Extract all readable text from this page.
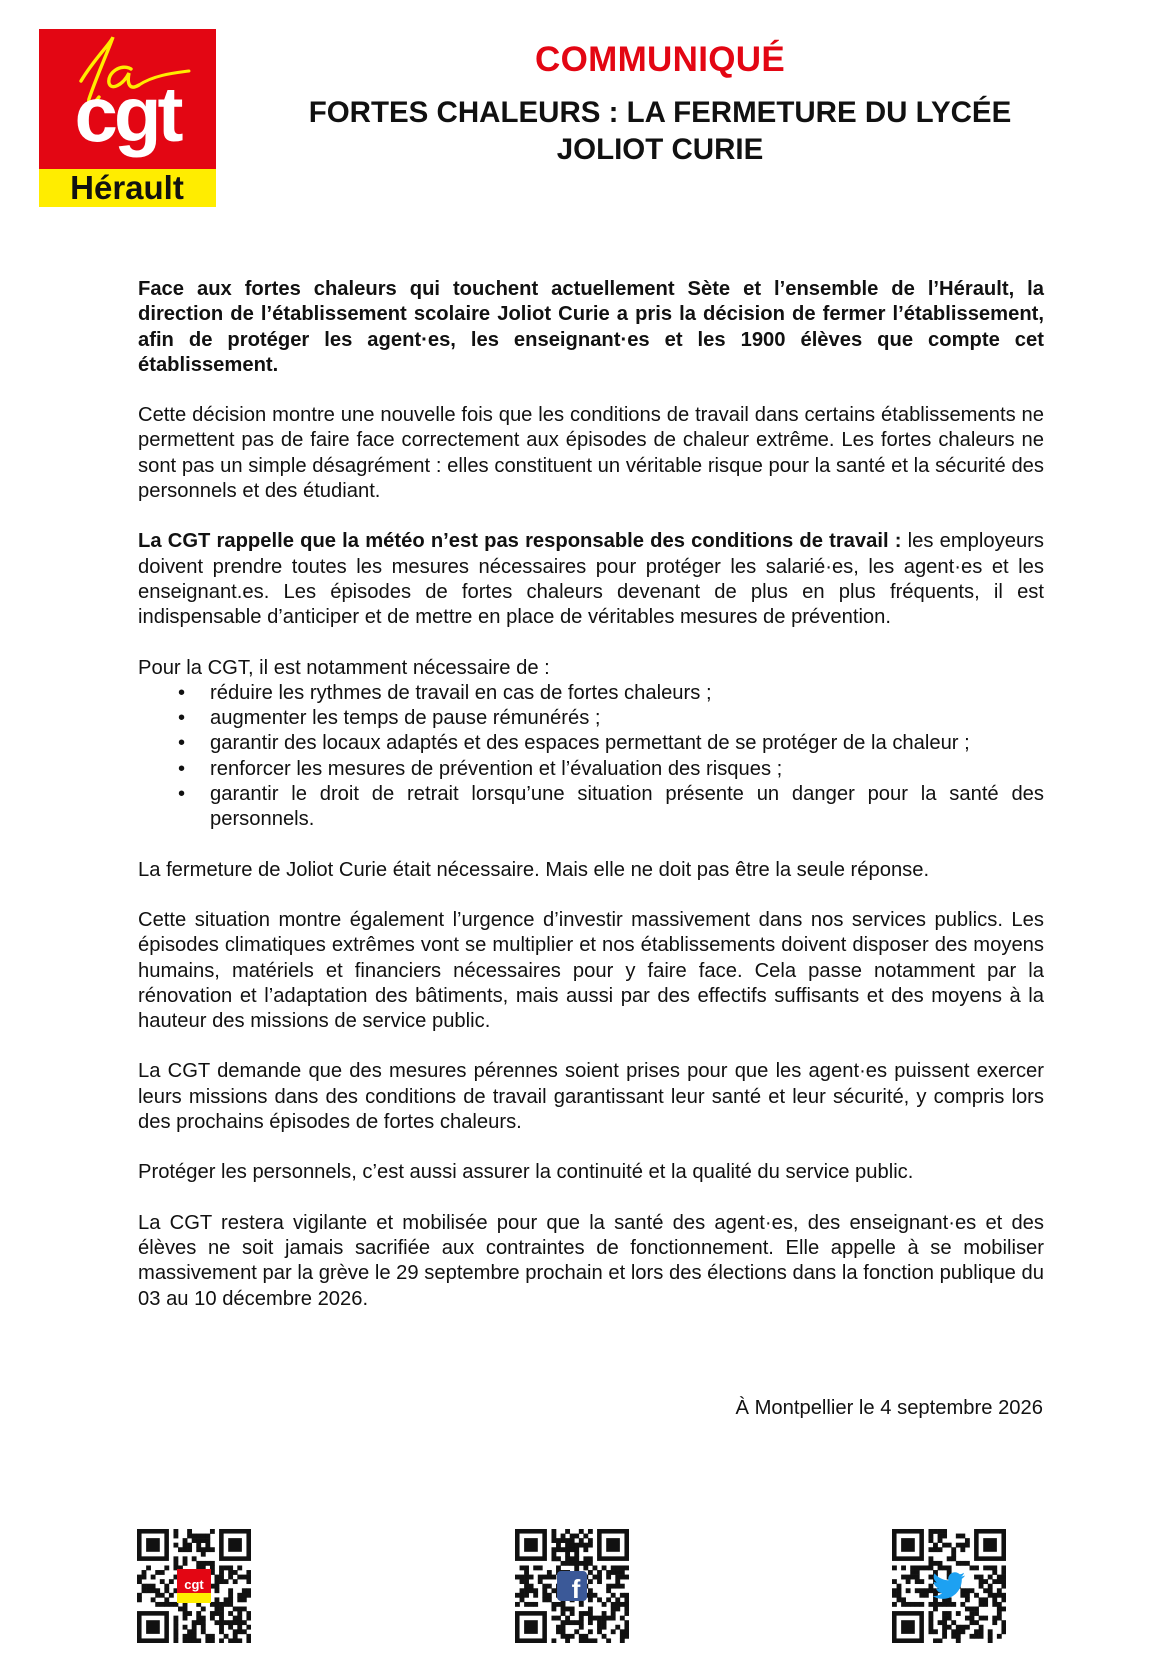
cgt
Hérault
COMMUNIQUÉ
FORTES CHALEURS : LA FERMETURE DU LYCÉE
JOLIOT CURIE

Face aux fortes chaleurs qui touchent actuellement Sète et l’ensemble de l’Hérault, la direction de l’établissement scolaire Joliot Curie a pris la décision de fermer l’établissement, afin de protéger les agent·es, les enseignant·es et les 1900 élèves que compte cet établissement.

Cette décision montre une nouvelle fois que les conditions de travail dans certains établissements ne permettent pas de faire face correctement aux épisodes de chaleur extrême. Les fortes chaleurs ne sont pas un simple désagrément : elles constituent un véritable risque pour la santé et la sécurité des personnels et des étudiant.

La CGT rappelle que la météo n’est pas responsable des conditions de travail : les employeurs doivent prendre toutes les mesures nécessaires pour protéger les salarié·es, les agent·es et les enseignant.es. Les épisodes de fortes chaleurs devenant de plus en plus fréquents, il est indispensable d’anticiper et de mettre en place de véritables mesures de prévention.

Pour la CGT, il est notamment nécessaire de :

• réduire les rythmes de travail en cas de fortes chaleurs ;
• augmenter les temps de pause rémunérés ;
• garantir des locaux adaptés et des espaces permettant de se protéger de la chaleur ;
• renforcer les mesures de prévention et l’évaluation des risques ;
• garantir le droit de retrait lorsqu’une situation présente un danger pour la santé des personnels.

La fermeture de Joliot Curie était nécessaire. Mais elle ne doit pas être la seule réponse.

Cette situation montre également l’urgence d’investir massivement dans nos services publics. Les épisodes climatiques extrêmes vont se multiplier et nos établissements doivent disposer des moyens humains, matériels et financiers nécessaires pour y faire face. Cela passe notamment par la rénovation et l’adaptation des bâtiments, mais aussi par des effectifs suffisants et des moyens à la hauteur des missions de service public.

La CGT demande que des mesures pérennes soient prises pour que les agent·es puissent exercer leurs missions dans des conditions de travail garantissant leur santé et leur sécurité, y compris lors des prochains épisodes de fortes chaleurs.

Protéger les personnels, c’est aussi assurer la continuité et la qualité du service public.

La CGT restera vigilante et mobilisée pour que la santé des agent·es, des enseignant·es et des élèves ne soit jamais sacrifiée aux contraintes de fonctionnement. Elle appelle à se mobiliser massivement par la grève le 29 septembre prochain et lors des élections dans la fonction publique du 03 au 10 décembre 2026.

À Montpellier le 4 septembre 2026
cgt	f
